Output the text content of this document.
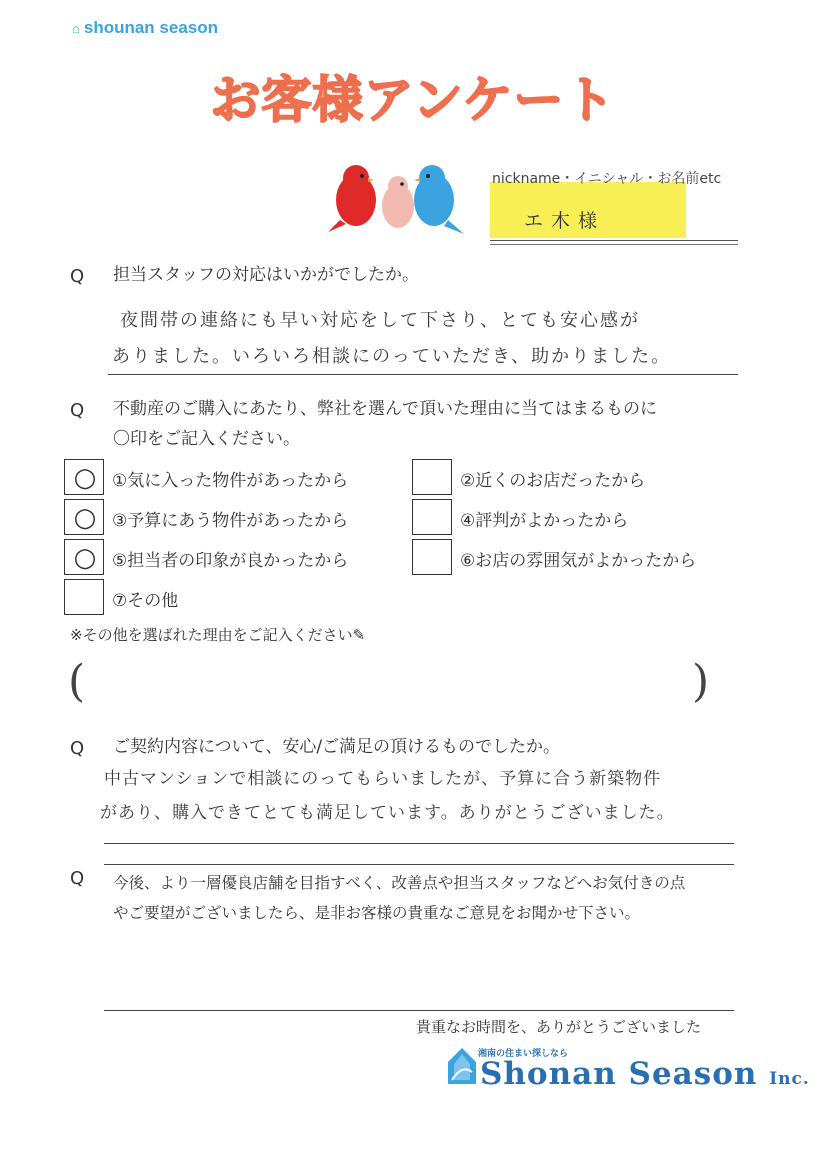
⌂ shounan season
お客様アンケート
nickname・イニシャル・お名前etc
エ木様
Q 担当スタッフの対応はいかがでしたか。
夜間帯の連絡にも早い対応をして下さり、とても安心感が
ありました。いろいろ相談にのっていただき、助かりました。
Q 不動産のご購入にあたり、弊社を選んで頂いた理由に当てはまるものに
〇印をご記入ください。
○ ①気に入った物件があったから	②近くのお店だったから
○ ③予算にあう物件があったから	④評判がよかったから
○ ⑤担当者の印象が良かったから	⑥お店の雰囲気がよかったから
⑦その他
※その他を選ばれた理由をご記入ください✎
(	)
Q ご契約内容について、安心/ご満足の頂けるものでしたか。
中古マンションで相談にのってもらいましたが、予算に合う新築物件
があり、購入できてとても満足しています。ありがとうございました。
Q 今後、より一層優良店舗を目指すべく、改善点や担当スタッフなどへお気付きの点
やご要望がございましたら、是非お客様の貴重なご意見をお聞かせ下さい。
貴重なお時間を、ありがとうございました
湘南の住まい探しなら
Shonan Season Inc.
